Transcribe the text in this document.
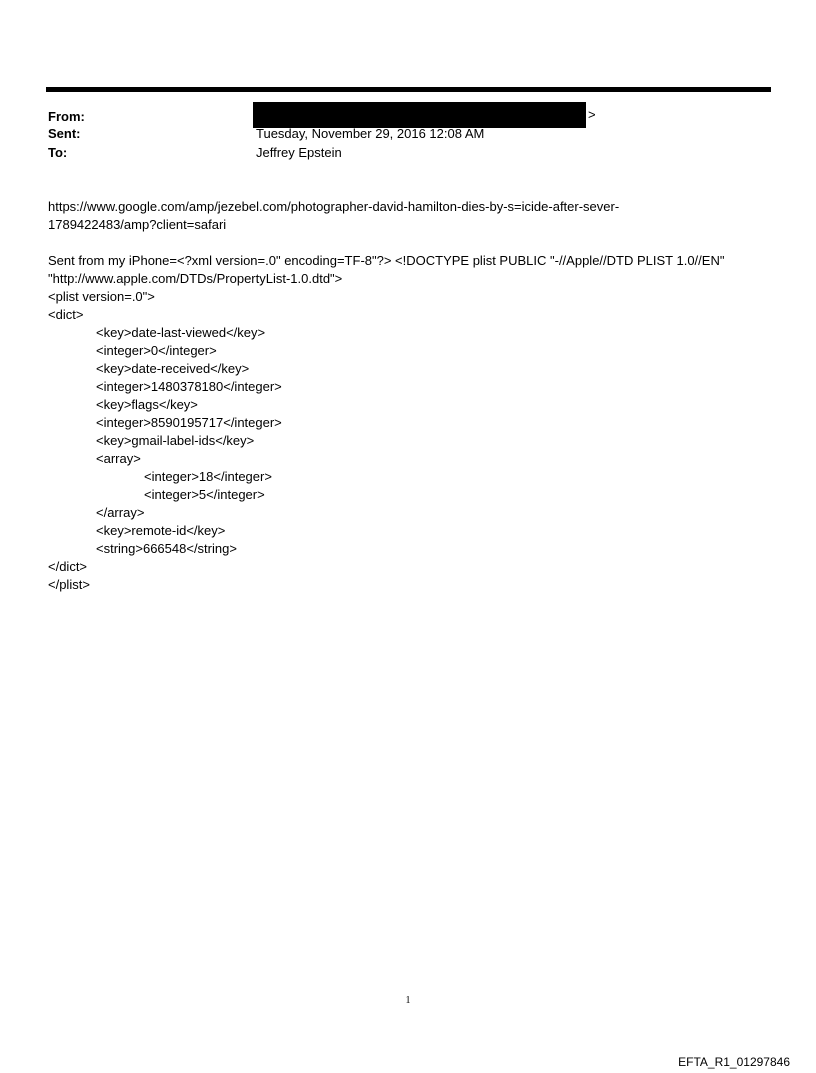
From:	>
Sent:	Tuesday, November 29, 2016 12:08 AM
To:	Jeffrey Epstein
https://www.google.com/amp/jezebel.com/photographer-david-hamilton-dies-by-s=icide-after-sever-
1789422483/amp?client=safari
Sent from my iPhone=<?xml version=.0" encoding=TF-8"?> <!DOCTYPE plist PUBLIC "-//Apple//DTD PLIST 1.0//EN"
"http://www.apple.com/DTDs/PropertyList-1.0.dtd">
<plist version=.0">
<dict>
<key>date-last-viewed</key>
<integer>0</integer>
<key>date-received</key>
<integer>1480378180</integer>
<key>flags</key>
<integer>8590195717</integer>
<key>gmail-label-ids</key>
<array>
<integer>18</integer>
<integer>5</integer>
</array>
<key>remote-id</key>
<string>666548</string>
</dict>
</plist>
1
EFTA_R1_01297846
